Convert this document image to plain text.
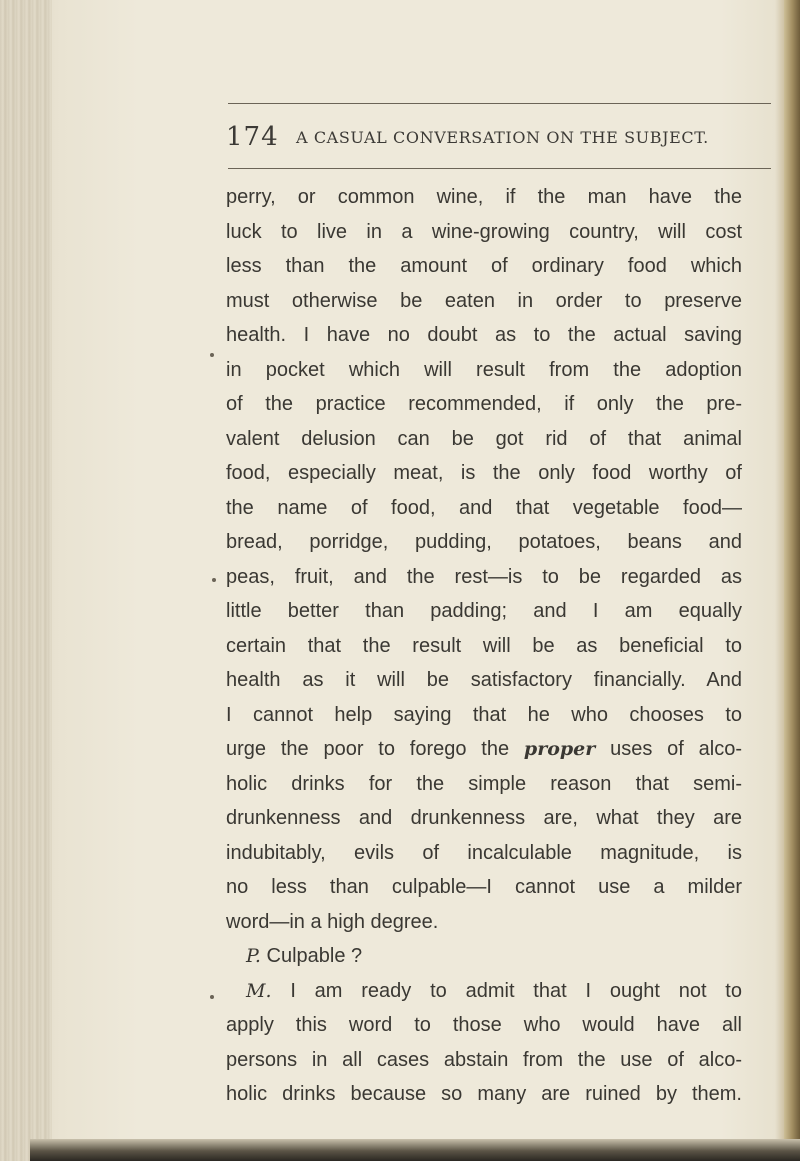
174 A CASUAL CONVERSATION ON THE SUBJECT.
perry, or common wine, if the man have the
luck to live in a wine-growing country, will cost
less than the amount of ordinary food which
must otherwise be eaten in order to preserve
health. I have no doubt as to the actual saving
in pocket which will result from the adoption
of the practice recommended, if only the pre-
valent delusion can be got rid of that animal
food, especially meat, is the only food worthy of
the name of food, and that vegetable food—
bread, porridge, pudding, potatoes, beans and
peas, fruit, and the rest—is to be regarded as
little better than padding; and I am equally
certain that the result will be as beneficial to
health as it will be satisfactory financially. And
I cannot help saying that he who chooses to
urge the poor to forego the proper uses of alco-
holic drinks for the simple reason that semi-
drunkenness and drunkenness are, what they are
indubitably, evils of incalculable magnitude, is
no less than culpable—I cannot use a milder
word—in a high degree.
P. Culpable ?
M. I am ready to admit that I ought not to
apply this word to those who would have all
persons in all cases abstain from the use of alco-
holic drinks because so many are ruined by them.
